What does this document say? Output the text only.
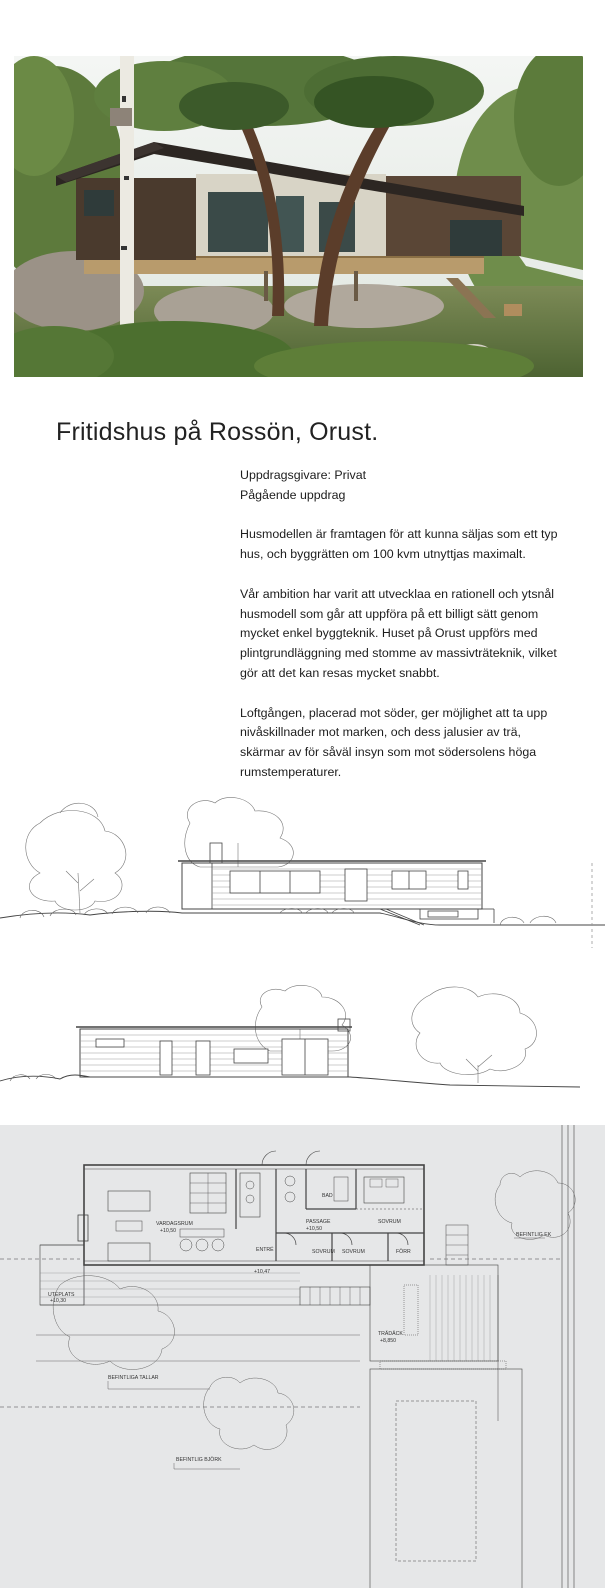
Fritidshus på Rossön, Orust.

Uppdragsgivare: Privat

Pågående uppdrag

Husmodellen är framtagen för att kunna säljas som ett typ hus, och byggrätten om 100 kvm utnyttjas maximalt.

Vår ambition har varit att utvecklaa en rationell och ytsnål husmodell som går att uppföra på ett billigt sätt genom mycket enkel byggteknik. Huset på Orust uppförs med plintgrundläggning med stomme av massivträteknik, vilket gör att det kan resas mycket snabbt.

Loftgången, placerad mot söder, ger möjlighet att ta upp nivåskillnader mot marken, och dess jalusier av trä, skärmar av för såväl insyn som mot södersolens höga rumstemperaturer.

VARDAGSRUM
+10,50
ENTRÉ
+10,47
PASSAGE
+10,50
BAD
SOVRUM
SOVRUM SOVRUM	FÖRR
UTEPLATS
+10,30
TRÄDÄCK
+8,850
BEFINTLIGA TALLAR
BEFINTLIG BJÖRK
BEFINTLIG EK
